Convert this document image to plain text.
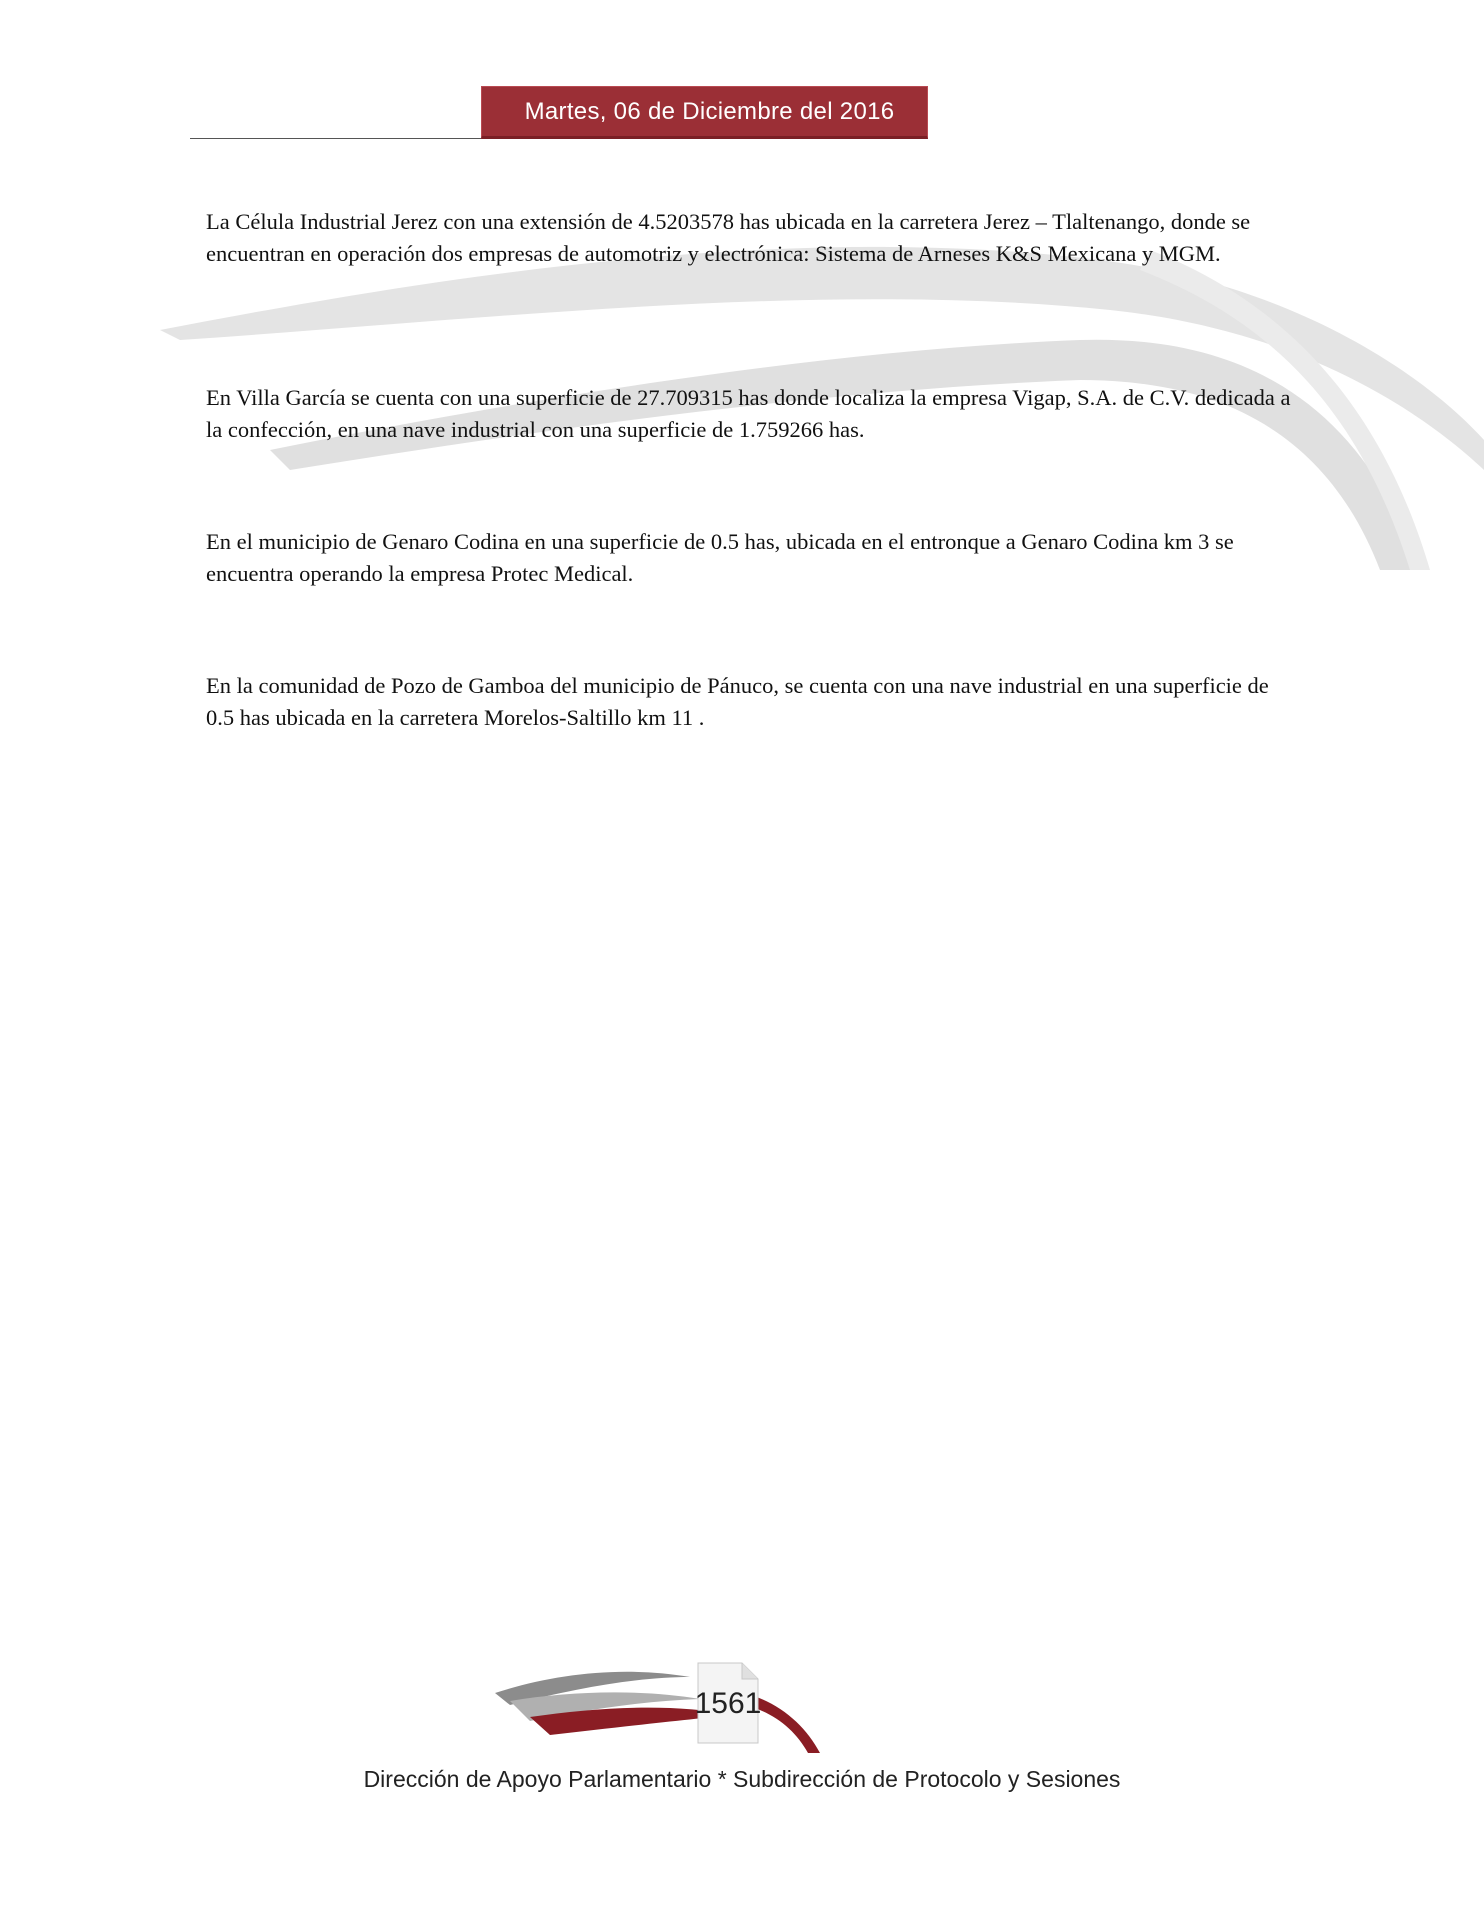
Martes, 06 de Diciembre del 2016

La Célula Industrial Jerez con una extensión de 4.5203578 has ubicada en la carretera Jerez – Tlaltenango, donde se encuentran en operación dos empresas de automotriz y electrónica: Sistema de Arneses K&S Mexicana y MGM.

En Villa García se cuenta con una superficie de 27.709315 has donde localiza la empresa Vigap, S.A. de C.V. dedicada a la confección, en una nave industrial con una superficie de 1.759266 has.

En el municipio de Genaro Codina en una superficie de 0.5 has, ubicada en el entronque a Genaro Codina km 3 se encuentra operando la empresa Protec Medical.

En la comunidad de Pozo de Gamboa del municipio de Pánuco, se cuenta con una nave industrial en una superficie de 0.5 has ubicada en la carretera Morelos-Saltillo km 11 .

1561
Dirección de Apoyo Parlamentario * Subdirección de Protocolo y Sesiones
